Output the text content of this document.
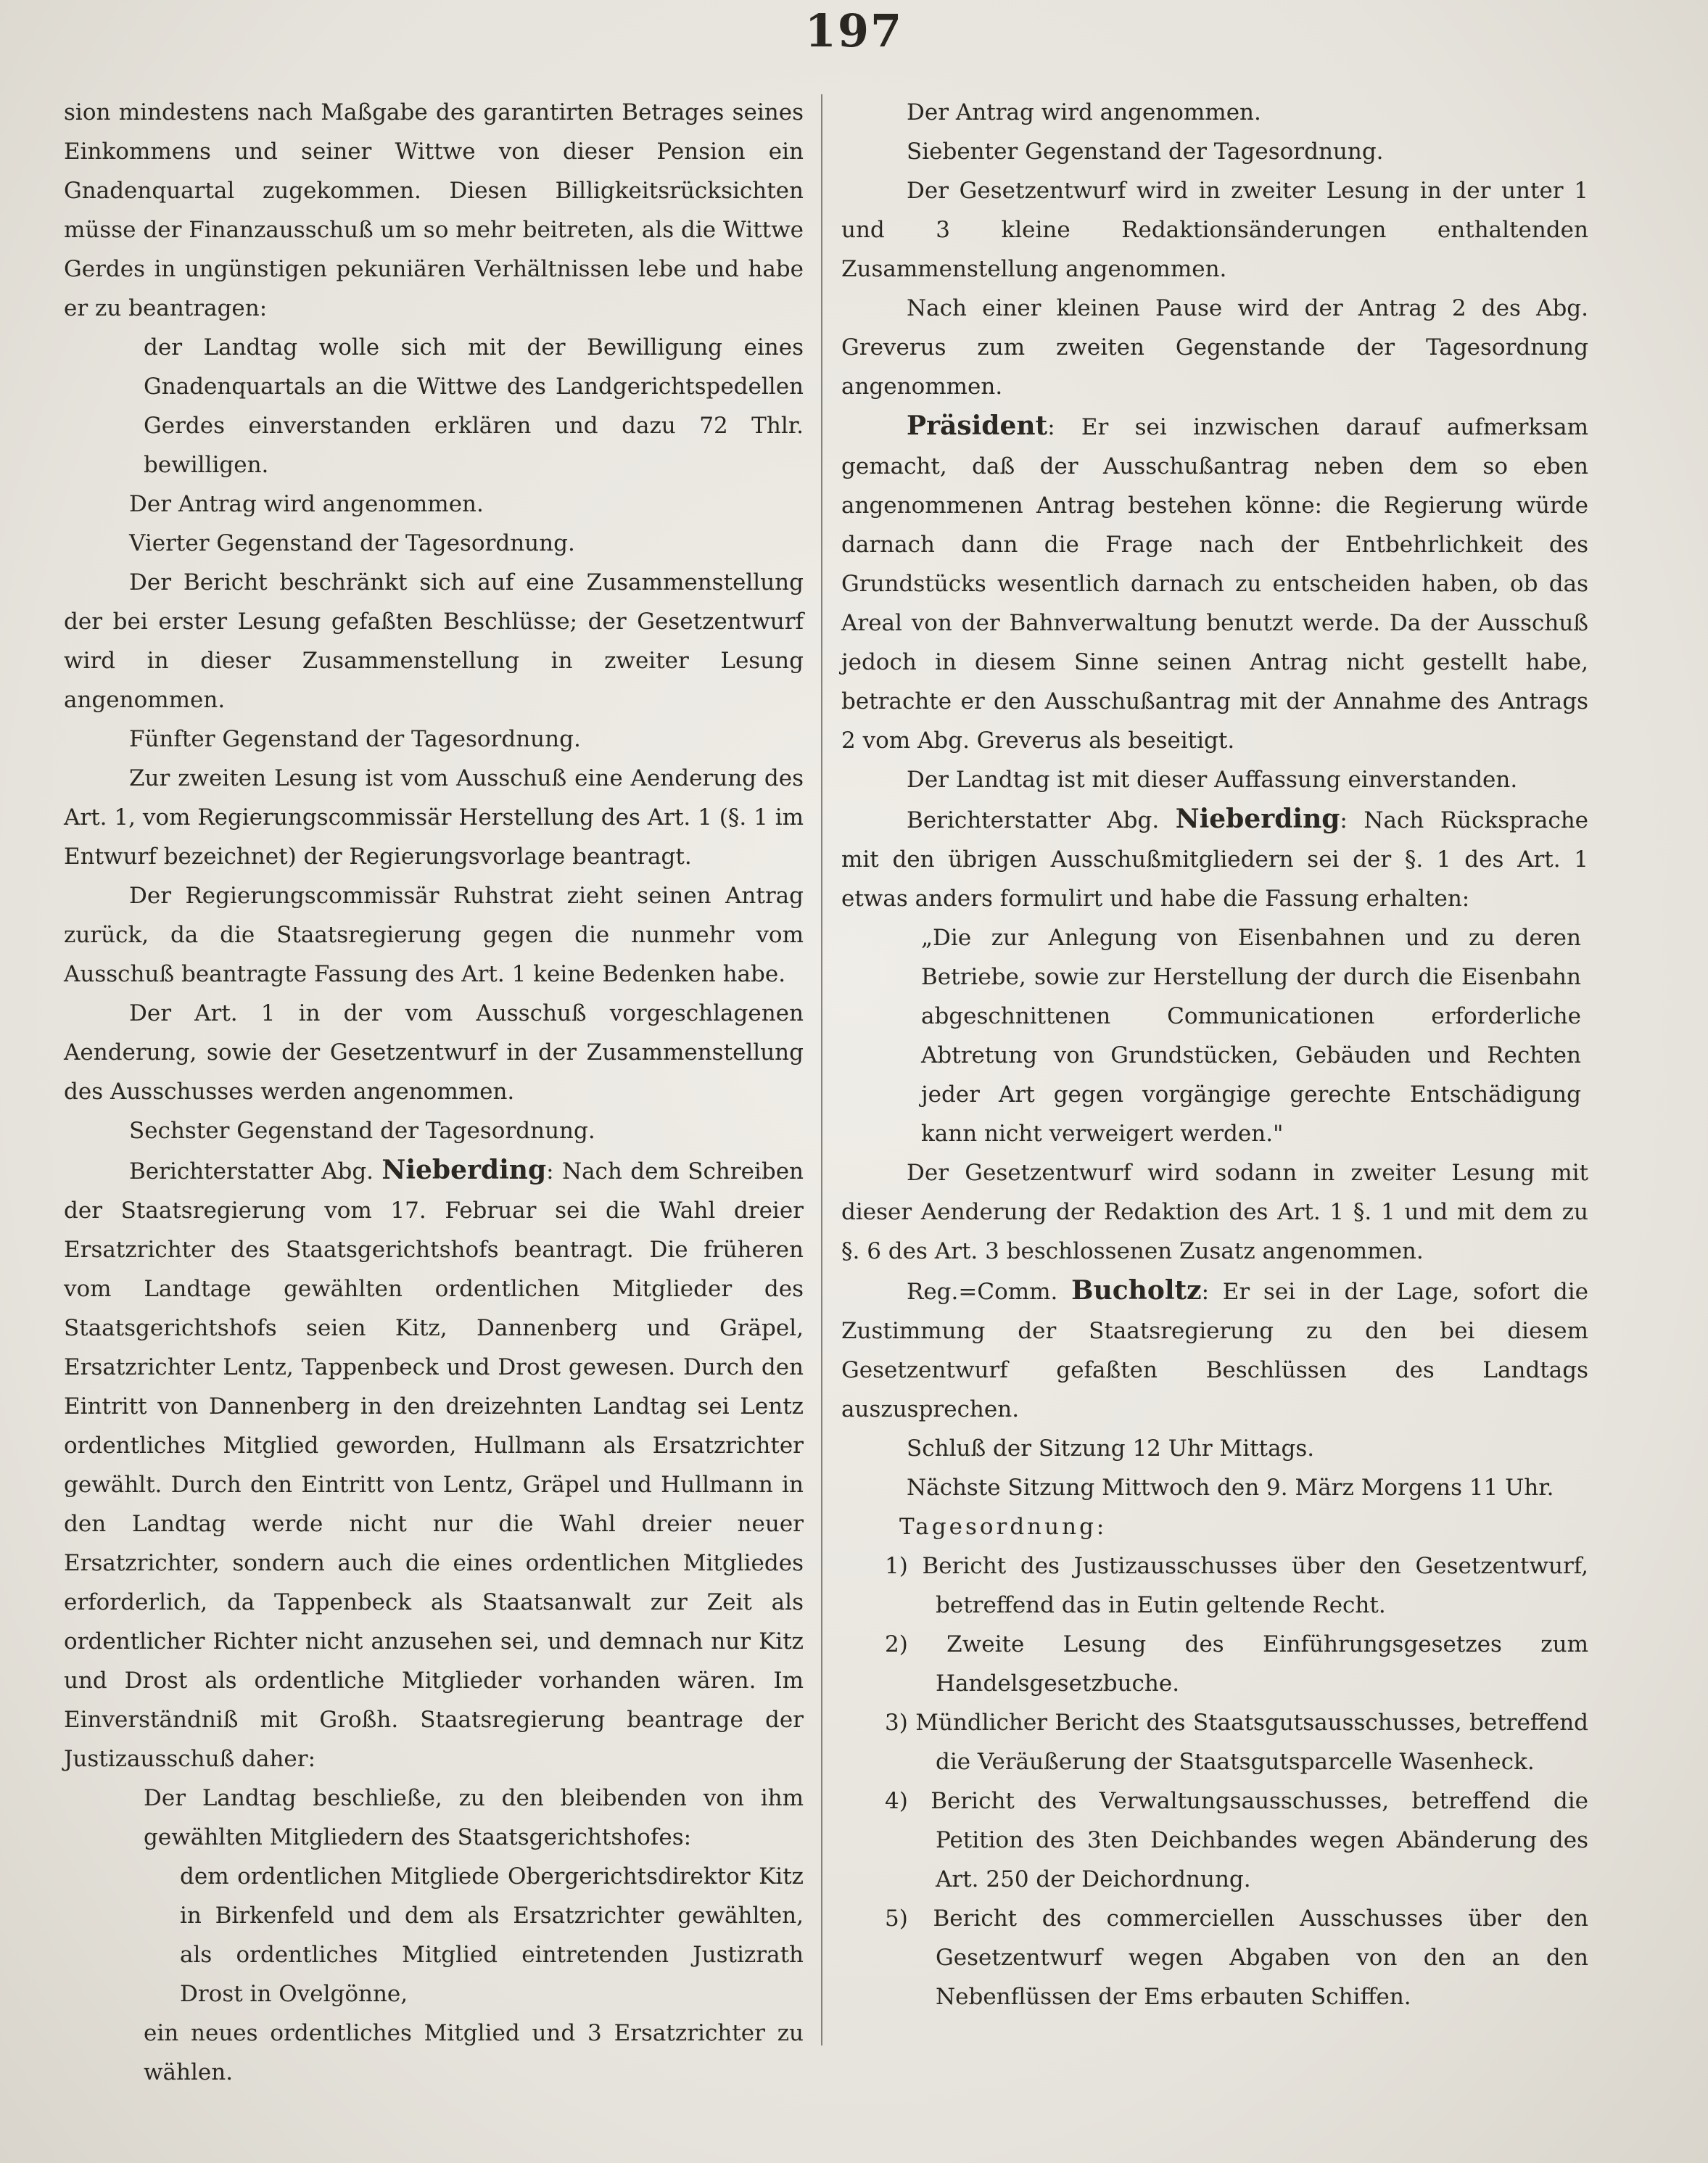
197

sion mindestens nach Maßgabe des garantirten Betrages seines Einkommens und seiner Wittwe von dieser Pension ein Gnadenquartal zugekommen. Diesen Billigkeitsrücksichten müsse der Finanzausschuß um so mehr beitreten, als die Wittwe Gerdes in ungünstigen pekuniären Verhältnissen lebe und habe er zu beantragen:

der Landtag wolle sich mit der Bewilligung eines Gnadenquartals an die Wittwe des Landgerichtspedellen Gerdes einverstanden erklären und dazu 72 Thlr. bewilligen.

Der Antrag wird angenommen.

Vierter Gegenstand der Tagesordnung.

Der Bericht beschränkt sich auf eine Zusammenstellung der bei erster Lesung gefaßten Beschlüsse; der Gesetzentwurf wird in dieser Zusammenstellung in zweiter Lesung angenommen.

Fünfter Gegenstand der Tagesordnung.

Zur zweiten Lesung ist vom Ausschuß eine Aenderung des Art. 1, vom Regierungscommissär Herstellung des Art. 1 (§. 1 im Entwurf bezeichnet) der Regierungsvorlage beantragt.

Der Regierungscommissär Ruhstrat zieht seinen Antrag zurück, da die Staatsregierung gegen die nunmehr vom Ausschuß beantragte Fassung des Art. 1 keine Bedenken habe.

Der Art. 1 in der vom Ausschuß vorgeschlagenen Aenderung, sowie der Gesetzentwurf in der Zusammenstellung des Ausschusses werden angenommen.

Sechster Gegenstand der Tagesordnung.

Berichterstatter Abg. Nieberding: Nach dem Schreiben der Staatsregierung vom 17. Februar sei die Wahl dreier Ersatzrichter des Staatsgerichtshofs beantragt. Die früheren vom Landtage gewählten ordentlichen Mitglieder des Staatsgerichtshofs seien Kitz, Dannenberg und Gräpel, Ersatzrichter Lentz, Tappenbeck und Drost gewesen. Durch den Eintritt von Dannenberg in den dreizehnten Landtag sei Lentz ordentliches Mitglied geworden, Hullmann als Ersatzrichter gewählt. Durch den Eintritt von Lentz, Gräpel und Hullmann in den Landtag werde nicht nur die Wahl dreier neuer Ersatzrichter, sondern auch die eines ordentlichen Mitgliedes erforderlich, da Tappenbeck als Staatsanwalt zur Zeit als ordentlicher Richter nicht anzusehen sei, und demnach nur Kitz und Drost als ordentliche Mitglieder vorhanden wären. Im Einverständniß mit Großh. Staatsregierung beantrage der Justizausschuß daher:

Der Landtag beschließe, zu den bleibenden von ihm gewählten Mitgliedern des Staatsgerichtshofes:

dem ordentlichen Mitgliede Obergerichtsdirektor Kitz in Birkenfeld und dem als Ersatzrichter gewählten, als ordentliches Mitglied eintretenden Justizrath Drost in Ovelgönne,

ein neues ordentliches Mitglied und 3 Ersatzrichter zu wählen.

Der Antrag wird angenommen.

Siebenter Gegenstand der Tagesordnung.

Der Gesetzentwurf wird in zweiter Lesung in der unter 1 und 3 kleine Redaktionsänderungen enthaltenden Zusammenstellung angenommen.

Nach einer kleinen Pause wird der Antrag 2 des Abg. Greverus zum zweiten Gegenstande der Tagesordnung angenommen.

Präsident: Er sei inzwischen darauf aufmerksam gemacht, daß der Ausschußantrag neben dem so eben angenommenen Antrag bestehen könne: die Regierung würde darnach dann die Frage nach der Entbehrlichkeit des Grundstücks wesentlich darnach zu entscheiden haben, ob das Areal von der Bahnverwaltung benutzt werde. Da der Ausschuß jedoch in diesem Sinne seinen Antrag nicht gestellt habe, betrachte er den Ausschußantrag mit der Annahme des Antrags 2 vom Abg. Greverus als beseitigt.

Der Landtag ist mit dieser Auffassung einverstanden.

Berichterstatter Abg. Nieberding: Nach Rücksprache mit den übrigen Ausschußmitgliedern sei der §. 1 des Art. 1 etwas anders formulirt und habe die Fassung erhalten:

„Die zur Anlegung von Eisenbahnen und zu deren Betriebe, sowie zur Herstellung der durch die Eisenbahn abgeschnittenen Communicationen erforderliche Abtretung von Grundstücken, Gebäuden und Rechten jeder Art gegen vorgängige gerechte Entschädigung kann nicht verweigert werden."

Der Gesetzentwurf wird sodann in zweiter Lesung mit dieser Aenderung der Redaktion des Art. 1 §. 1 und mit dem zu §. 6 des Art. 3 beschlossenen Zusatz angenommen.

Reg.=Comm. Bucholtz: Er sei in der Lage, sofort die Zustimmung der Staatsregierung zu den bei diesem Gesetzentwurf gefaßten Beschlüssen des Landtags auszusprechen.

Schluß der Sitzung 12 Uhr Mittags.

Nächste Sitzung Mittwoch den 9. März Morgens 11 Uhr.

Tagesordnung:

1) Bericht des Justizausschusses über den Gesetzentwurf, betreffend das in Eutin geltende Recht.

2) Zweite Lesung des Einführungsgesetzes zum Handelsgesetzbuche.

3) Mündlicher Bericht des Staatsgutsausschusses, betreffend die Veräußerung der Staatsgutsparcelle Wasenheck.

4) Bericht des Verwaltungsausschusses, betreffend die Petition des 3ten Deichbandes wegen Abänderung des Art. 250 der Deichordnung.

5) Bericht des commerciellen Ausschusses über den Gesetzentwurf wegen Abgaben von den an den Nebenflüssen der Ems erbauten Schiffen.
